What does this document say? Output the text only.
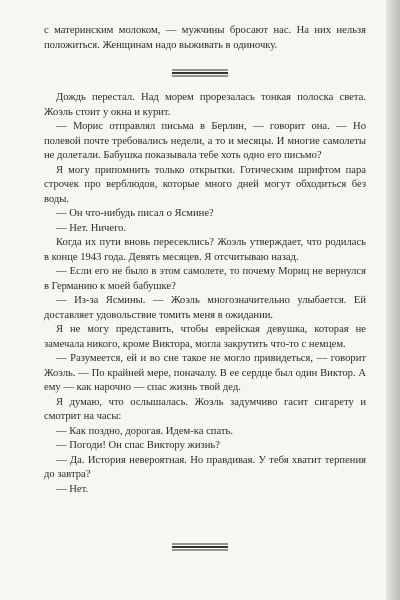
с материнским молоком, — мужчины бросают нас. На них нельзя положиться. Женщинам надо выживать в одиночку.

Дождь перестал. Над морем прорезалась тонкая полоска света. Жоэль стоит у окна и курит.

— Морис отправлял письма в Берлин, — говорит она. — Но полевой почте требовались недели, а то и месяцы. И многие самолеты не долетали. Бабушка показывала тебе хоть одно его письмо?

Я могу припомнить только открытки. Готическим шрифтом пара строчек про верблюдов, которые много дней могут обходиться без воды.

— Он что-нибудь писал о Ясмине?

— Нет. Ничего.

Когда их пути вновь пересеклись? Жоэль утверждает, что родилась в конце 1943 года. Девять месяцев. Я отсчитываю назад.

— Если его не было в этом самолете, то почему Мориц не вернулся в Германию к моей бабушке?

— Из-за Ясмины. — Жоэль многозначительно улыбается. Ей доставляет удовольствие томить меня в ожидании.

Я не могу представить, чтобы еврейская девушка, которая не замечала никого, кроме Виктора, могла закрутить что-то с немцем.

— Разумеется, ей и во сне такое не могло привидеться, — говорит Жоэль. — По крайней мере, поначалу. В ее сердце был один Виктор. А ему — как нарочно — спас жизнь твой дед.

Я думаю, что ослышалась. Жоэль задумчиво гасит сигарету и смотрит на часы:

— Как поздно, дорогая. Идем-ка спать.

— Погоди! Он спас Виктору жизнь?

— Да. История невероятная. Но правдивая. У тебя хватит терпения до завтра?

— Нет.
